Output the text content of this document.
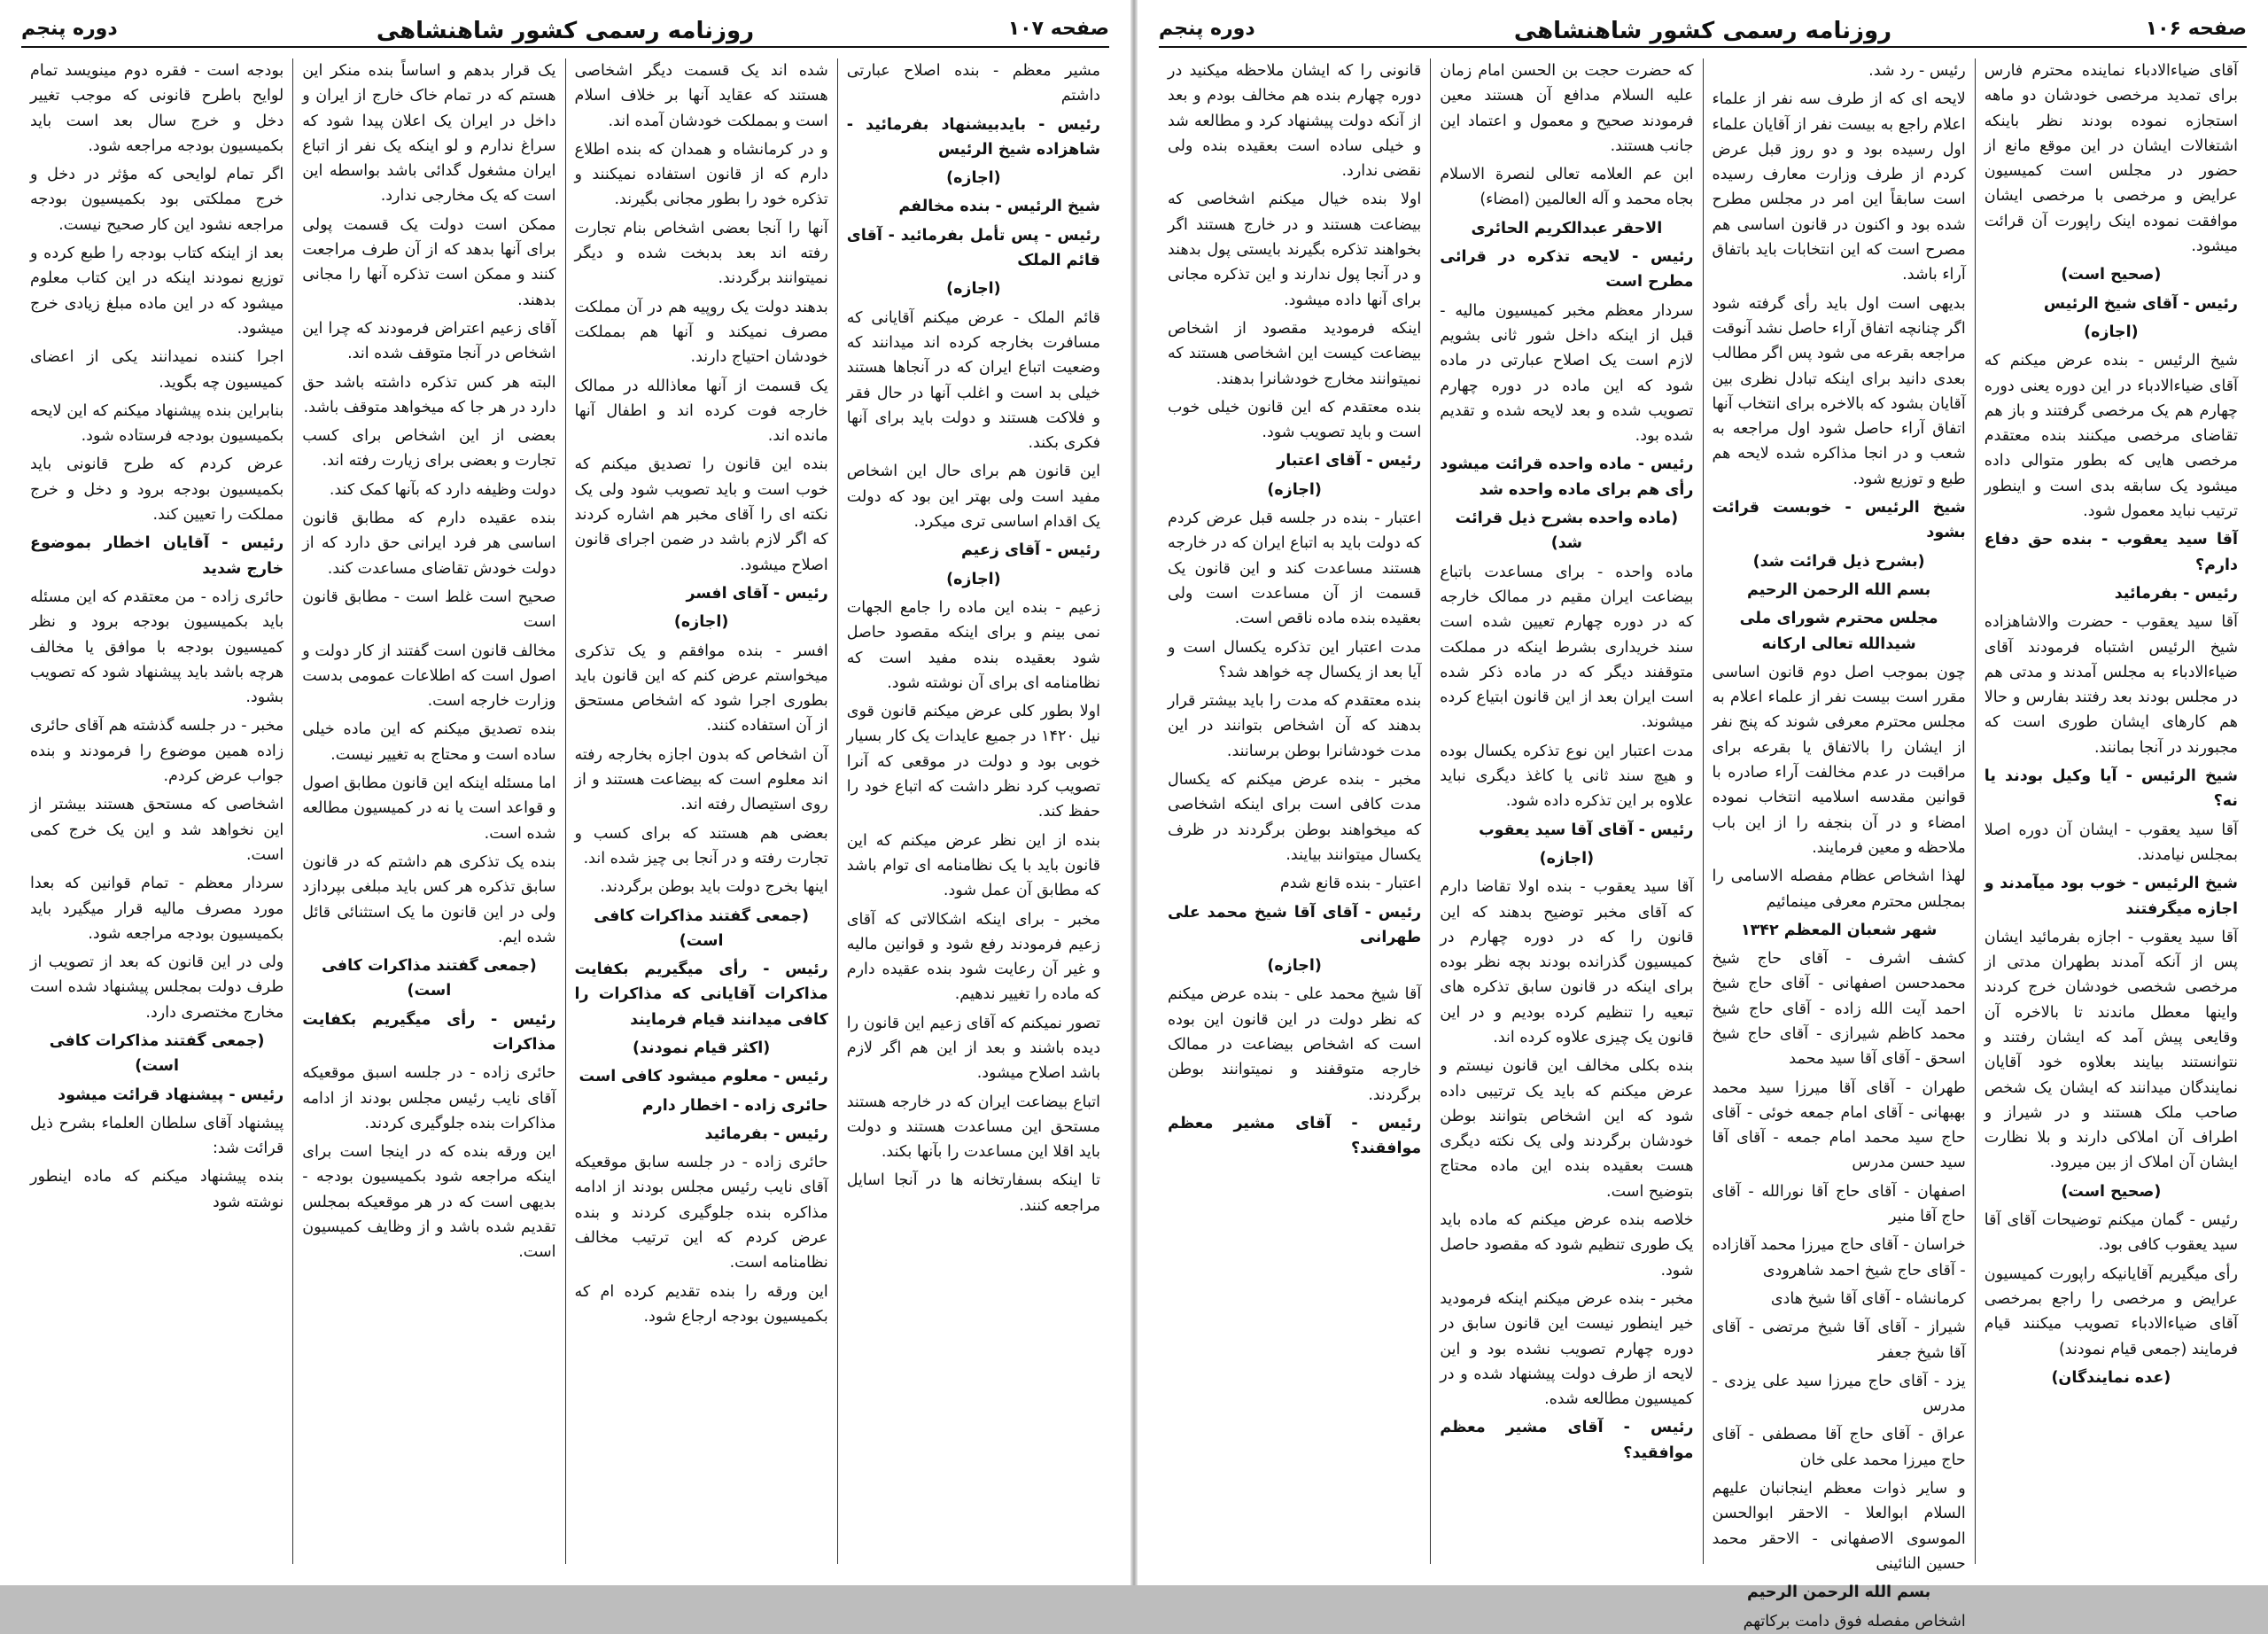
دوره پنجم	روزنامه رسمی کشور شاهنشاهی	صفحه ۱۰۷

مشیر معظم - بنده اصلاح عبارتی داشتم

رئیس - بایدبیشنهاد بفرمائید - شاهزاده شیخ الرئیس

(اجازه)

شیخ الرئیس - بنده مخالفم

رئیس - پس تأمل بفرمائید - آقای قائم الملک

(اجازه)

قائم الملک - عرض میکنم آقایانی که مسافرت بخارجه کرده اند میدانند که وضعیت اتباع ایران که در آنجاها هستند خیلی بد است و اغلب آنها در حال فقر و فلاکت هستند و دولت باید برای آنها فکری بکند.

این قانون هم برای حال این اشخاص مفید است ولی بهتر این بود که دولت یک اقدام اساسی تری میکرد.

رئیس - آقای زعیم

(اجازه)

زعیم - بنده این ماده را جامع الجهات نمی بینم و برای اینکه مقصود حاصل شود بعقیده بنده مفید است که نظامنامه ای برای آن نوشته شود.

اولا بطور کلی عرض میکنم قانون قوی نیل ۱۴۲۰ در جمیع عایدات یک کار بسیار خوبی بود و دولت در موقعی که آنرا تصویب کرد نظر داشت که اتباع خود را حفظ کند.

بنده از این نظر عرض میکنم که این قانون باید با یک نظامنامه ای توام باشد که مطابق آن عمل شود.

مخبر - برای اینکه اشکالاتی که آقای زعیم فرمودند رفع شود و قوانین مالیه و غیر آن رعایت شود بنده عقیده دارم که ماده را تغییر ندهیم.

تصور نمیکنم که آقای زعیم این قانون را دیده باشند و بعد از این هم اگر لازم باشد اصلاح میشود.

اتباع بیضاعت ایران که در خارجه هستند مستحق این مساعدت هستند و دولت باید اقلا این مساعدت را بآنها بکند.

تا اینکه بسفارتخانه ها در آنجا اسایل مراجعه کنند.

شده اند یک قسمت دیگر اشخاصی هستند که عقاید آنها بر خلاف اسلام است و بمملکت خودشان آمده اند.

و در کرمانشاه و همدان که بنده اطلاع دارم که از قانون استفاده نمیکنند و تذکره خود را بطور مجانی بگیرند.

آنها را آنجا بعضی اشخاص بنام تجارت رفته اند بعد بدبخت شده و دیگر نمیتوانند برگردند.

بدهند دولت یک روپیه هم در آن مملکت مصرف نمیکند و آنها هم بمملکت خودشان احتیاج دارند.

یک قسمت از آنها معاذالله در ممالک خارجه فوت کرده اند و اطفال آنها مانده اند.

بنده این قانون را تصدیق میکنم که خوب است و باید تصویب شود ولی یک نکته ای را آقای مخبر هم اشاره کردند که اگر لازم باشد در ضمن اجرای قانون اصلاح میشود.

رئیس - آقای افسر

(اجازه)

افسر - بنده موافقم و یک تذکری میخواستم عرض کنم که این قانون باید بطوری اجرا شود که اشخاص مستحق از آن استفاده کنند.

آن اشخاص که بدون اجازه بخارجه رفته اند معلوم است که بیضاعت هستند و از روی استیصال رفته اند.

بعضی هم هستند که برای کسب و تجارت رفته و در آنجا بی چیز شده اند.

اینها بخرج دولت باید بوطن برگردند.

(جمعی گفتند مذاکرات کافی است)

رئیس - رأی میگیریم بکفایت مذاکرات آقایانی که مذاکرات را کافی میدانند قیام فرمایند

(اکثر قیام نمودند)

رئیس - معلوم میشود کافی است

حائری زاده - اخطار دارم

رئیس - بفرمائید

حائری زاده - در جلسه سابق موقعیکه آقای نایب رئیس مجلس بودند از ادامه مذاکره بنده جلوگیری کردند و بنده عرض کردم که این ترتیب مخالف نظامنامه است.

این ورقه را بنده تقدیم کرده ام که بکمیسیون بودجه ارجاع شود.

یک قرار بدهم و اساساً بنده منکر این هستم که در تمام خاک خارج از ایران و داخل در ایران یک اعلان پیدا شود که سراغ ندارم و لو اینکه یک نفر از اتباع ایران مشغول گدائی باشد بواسطه این است که یک مخارجی ندارد.

ممکن است دولت یک قسمت پولی برای آنها بدهد که از آن طرف مراجعت کنند و ممکن است تذکره آنها را مجانی بدهند.

آقای زعیم اعتراض فرمودند که چرا این اشخاص در آنجا متوقف شده اند.

البته هر کس تذکره داشته باشد حق دارد در هر جا که میخواهد متوقف باشد.

بعضی از این اشخاص برای کسب تجارت و بعضی برای زیارت رفته اند.

دولت وظیفه دارد که بآنها کمک کند.

بنده عقیده دارم که مطابق قانون اساسی هر فرد ایرانی حق دارد که از دولت خودش تقاضای مساعدت کند.

صحیح است غلط است - مطابق قانون است

مخالف قانون است گفتند از کار دولت و اصول است که اطلاعات عمومی بدست وزارت خارجه است.

بنده تصدیق میکنم که این ماده خیلی ساده است و محتاج به تغییر نیست.

اما مسئله اینکه این قانون مطابق اصول و قواعد است یا نه در کمیسیون مطالعه شده است.

بنده یک تذکری هم داشتم که در قانون سابق تذکره هر کس باید مبلغی بپردازد ولی در این قانون ما یک استثنائی قائل شده ایم.

(جمعی گفتند مذاکرات کافی است)

رئیس - رأی میگیریم بکفایت مذاکرات

حائری زاده - در جلسه اسبق موقعیکه آقای نایب رئیس مجلس بودند از ادامه مذاکرات بنده جلوگیری کردند.

این ورقه بنده که در اینجا است برای اینکه مراجعه شود بکمیسیون بودجه - بدیهی است که در هر موقعیکه بمجلس تقدیم شده باشد و از وظایف کمیسیون است.

بودجه است - فقره دوم مینویسد تمام لوایح باطرح قانونی که موجب تغییر دخل و خرج سال بعد است باید بکمیسیون بودجه مراجعه شود.

اگر تمام لوایحی که مؤثر در دخل و خرج مملکتی بود بکمیسیون بودجه مراجعه نشود این کار صحیح نیست.

بعد از اینکه کتاب بودجه را طبع کرده و توزیع نمودند اینکه در این کتاب معلوم میشود که در این ماده مبلغ زیادی خرج میشود.

اجرا کننده نمیدانند یکی از اعضای کمیسیون چه بگوید.

بنابراین بنده پیشنهاد میکنم که این لایحه بکمیسیون بودجه فرستاده شود.

عرض کردم که طرح قانونی باید بکمیسیون بودجه برود و دخل و خرج مملکت را تعیین کند.

رئیس - آقایان اخطار بموضوع خارج شدید

حائری زاده - من معتقدم که این مسئله باید بکمیسیون بودجه برود و نظر کمیسیون بودجه با موافق یا مخالف هرچه باشد باید پیشنهاد شود که تصویب بشود.

مخبر - در جلسه گذشته هم آقای حائری زاده همین موضوع را فرمودند و بنده جواب عرض کردم.

اشخاصی که مستحق هستند بیشتر از این نخواهد شد و این یک خرج کمی است.

سردار معظم - تمام قوانین که بعدا مورد مصرف مالیه قرار میگیرد باید بکمیسیون بودجه مراجعه شود.

ولی در این قانون که بعد از تصویب از طرف دولت بمجلس پیشنهاد شده است مخارج مختصری دارد.

(جمعی گفتند مذاکرات کافی است)

رئیس - پیشنهاد قرائت میشود

پیشنهاد آقای سلطان العلماء بشرح ذیل قرائت شد:

بنده پیشنهاد میکنم که ماده اینطور نوشته شود

صفحه ۱۰۶
روزنامه رسمی کشور شاهنشاهی
دوره پنجم

آقای ضیاءالادباء نماینده محترم فارس برای تمدید مرخصی خودشان دو ماهه استجازه نموده بودند نظر باینکه اشتغالات ایشان در این موقع مانع از حضور در مجلس است کمیسیون عرایض و مرخصی با مرخصی ایشان موافقت نموده اینک راپورت آن قرائت میشود.

(صحیح است)

رئیس - آقای شیخ الرئیس

(اجازه)

شیخ الرئیس - بنده عرض میکنم که آقای ضیاءالادباء در این دوره یعنی دوره چهارم هم یک مرخصی گرفتند و باز هم تقاضای مرخصی میکنند بنده معتقدم مرخصی هایی که بطور متوالی داده میشود یک سابقه بدی است و اینطور ترتیب نباید معمول شود.

آقا سید یعقوب - بنده حق دفاع دارم؟

رئیس - بفرمائید

آقا سید یعقوب - حضرت والاشاهزاده شیخ الرئیس اشتباه فرمودند آقای ضیاءالادباء به مجلس آمدند و مدتی هم در مجلس بودند بعد رفتند بفارس و حالا هم کارهای ایشان طوری است که مجبورند در آنجا بمانند.

شیخ الرئیس - آیا وکیل بودند یا نه؟

آقا سید یعقوب - ایشان آن دوره اصلا بمجلس نیامدند.

شیخ الرئیس - خوب بود میآمدند و اجازه میگرفتند

آقا سید یعقوب - اجازه بفرمائید ایشان پس از آنکه آمدند بطهران مدتی از مرخصی شخصی خودشان خرج کردند واینها معطل ماندند تا بالاخره آن وقایعی پیش آمد که ایشان رفتند و نتوانستند بیایند بعلاوه خود آقایان نمایندگان میدانند که ایشان یک شخص صاحب ملک هستند و در شیراز و اطراف آن املاکی دارند و بلا نظارت ایشان آن املاک از بین میرود.

(صحیح است)

رئیس - گمان میکنم توضیحات آقای آقا سید یعقوب کافی بود.

رأی میگیریم آقایانیکه راپورت کمیسیون عرایض و مرخصی را راجع بمرخصی آقای ضیاءالادباء تصویب میکنند قیام فرمایند (جمعی قیام نمودند)

(عده نمایندگان)

رئیس - رد شد.

لایحه ای که از طرف سه نفر از علماء اعلام راجع به بیست نفر از آقایان علماء اول رسیده بود و دو روز قبل عرض کردم از طرف وزارت معارف رسیده است سابقاً این امر در مجلس مطرح شده بود و اکنون در قانون اساسی هم مصرح است که این انتخابات باید باتفاق آراء باشد.

بدیهی است اول باید رأی گرفته شود اگر چنانچه اتفاق آراء حاصل نشد آنوقت مراجعه بقرعه می شود پس اگر مطالب بعدی دانید برای اینکه تبادل نظری بین آقایان بشود که بالاخره برای انتخاب آنها اتفاق آراء حاصل شود اول مراجعه به شعب و در انجا مذاکره شده لایحه هم طبع و توزیع شود.

شیخ الرئیس - خوبست قرائت بشود

(بشرح ذیل قرائت شد)

بسم الله الرحمن الرحیم

مجلس محترم شورای ملی شیدالله تعالی ارکانه

چون بموجب اصل دوم قانون اساسی مقرر است بیست نفر از علماء اعلام به مجلس محترم معرفی شوند که پنج نفر از ایشان را بالاتفاق یا بقرعه برای مراقبت در عدم مخالفت آراء صادره با قوانین مقدسه اسلامیه انتخاب نموده امضاء و در آن بنجفه را از این باب ملاحظه و معین فرمایند.

لهذا اشخاص عظام مفصله الاسامی را بمجلس محترم معرفی مینمائیم

شهر شعبان المعظم ۱۳۴۲

کشف اشرف - آقای حاج شیخ محمدحسن اصفهانی - آقای حاج شیخ احمد آیت الله زاده - آقای حاج شیخ محمد کاظم شیرازی - آقای حاج شیخ اسحق - آقای آقا سید محمد

طهران - آقای آقا میرزا سید محمد بهبهانی - آقای امام جمعه خوئی - آقای حاج سید محمد امام جمعه - آقای آقا سید حسن مدرس

اصفهان - آقای حاج آقا نورالله - آقای حاج آقا منیر

خراسان - آقای حاج میرزا محمد آقازاده - آقای حاج شیخ احمد شاهرودی

کرمانشاه - آقای آقا شیخ هادی

شیراز - آقای آقا شیخ مرتضی - آقای آقا شیخ جعفر

یزد - آقای حاج میرزا سید علی یزدی - مدرس

عراق - آقای حاج آقا مصطفی - آقای حاج میرزا محمد علی خان

و سایر ذوات معظم اینجانبان علیهم السلام ابوالعلا - الاحقر ابوالحسن الموسوی الاصفهانی - الاحقر محمد حسین النائینی

بسم الله الرحمن الرحیم

اشخاص مفصله فوق دامت برکاتهم

که حضرت حجت بن الحسن امام زمان علیه السلام مدافع آن هستند معین فرمودند صحیح و معمول و اعتماد این جانب هستند.

ابن عم العلامه تعالی لنصرة الاسلام بجاه محمد و آله العالمین (امضاء)

الاحقر عبدالکریم الحائری

رئیس - لایحه تذکره در قرائی مطرح است

سردار معظم مخبر کمیسیون مالیه - قبل از اینکه داخل شور ثانی بشویم لازم است یک اصلاح عبارتی در ماده شود که این ماده در دوره چهارم تصویب شده و بعد لایحه شده و تقدیم شده بود.

رئیس - ماده واحده قرائت میشود رأی هم برای ماده واحده شد

(ماده واحده بشرح ذیل قرائت شد)

ماده واحده - برای مساعدت باتباع بیضاعت ایران مقیم در ممالک خارجه که در دوره چهارم تعیین شده است سند خریداری بشرط اینکه در مملکت متوقفند دیگر که در ماده ذکر شده است ایران بعد از این قانون ابتیاع کرده میشوند.

مدت اعتبار این نوع تذکره یکسال بوده و هیچ سند ثانی یا کاغذ دیگری نباید علاوه بر این تذکره داده شود.

رئیس - آقای آقا سید یعقوب

(اجازه)

آقا سید یعقوب - بنده اولا تقاضا دارم که آقای مخبر توضیح بدهند که این قانون را که در دوره چهارم در کمیسیون گذرانده بودند بچه نظر بوده برای اینکه در قانون سابق تذکره های تبعیه را تنظیم کرده بودیم و در این قانون یک چیزی علاوه کرده اند.

بنده بکلی مخالف این قانون نیستم و عرض میکنم که باید یک ترتیبی داده شود که این اشخاص بتوانند بوطن خودشان برگردند ولی یک نکته دیگری هست بعقیده بنده این ماده محتاج بتوضیح است.

خلاصه بنده عرض میکنم که ماده باید یک طوری تنظیم شود که مقصود حاصل شود.

مخبر - بنده عرض میکنم اینکه فرمودید خیر اینطور نیست این قانون سابق در دوره چهارم تصویب نشده بود و این لایحه از طرف دولت پیشنهاد شده و در کمیسیون مطالعه شده.

رئیس - آقای مشیر معظم موافقید؟

قانونی را که ایشان ملاحظه میکنید در دوره چهارم بنده هم مخالف بودم و بعد از آنکه دولت پیشنهاد کرد و مطالعه شد و خیلی ساده است بعقیده بنده ولی نقضی ندارد.

اولا بنده خیال میکنم اشخاصی که بیضاعت هستند و در خارج هستند اگر بخواهند تذکره بگیرند بایستی پول بدهند و در آنجا پول ندارند و این تذکره مجانی برای آنها داده میشود.

اینکه فرمودید مقصود از اشخاص بیضاعت کیست این اشخاصی هستند که نمیتوانند مخارج خودشانرا بدهند.

بنده معتقدم که این قانون خیلی خوب است و باید تصویب شود.

رئیس - آقای اعتبار

(اجازه)

اعتبار - بنده در جلسه قبل عرض کردم که دولت باید به اتباع ایران که در خارجه هستند مساعدت کند و این قانون یک قسمت از آن مساعدت است ولی بعقیده بنده ماده ناقص است.

مدت اعتبار این تذکره یکسال است و آیا بعد از یکسال چه خواهد شد؟

بنده معتقدم که مدت را باید بیشتر قرار بدهند که آن اشخاص بتوانند در این مدت خودشانرا بوطن برسانند.

مخبر - بنده عرض میکنم که یکسال مدت کافی است برای اینکه اشخاصی که میخواهند بوطن برگردند در ظرف یکسال میتوانند بیایند.

اعتبار - بنده قانع شدم

رئیس - آقای آقا شیخ محمد علی طهرانی

(اجازه)

آقا شیخ محمد علی - بنده عرض میکنم که نظر دولت در این قانون این بوده است که اشخاص بیضاعت در ممالک خارجه متوقفند و نمیتوانند بوطن برگردند.

رئیس - آقای مشیر معظم موافقند؟
